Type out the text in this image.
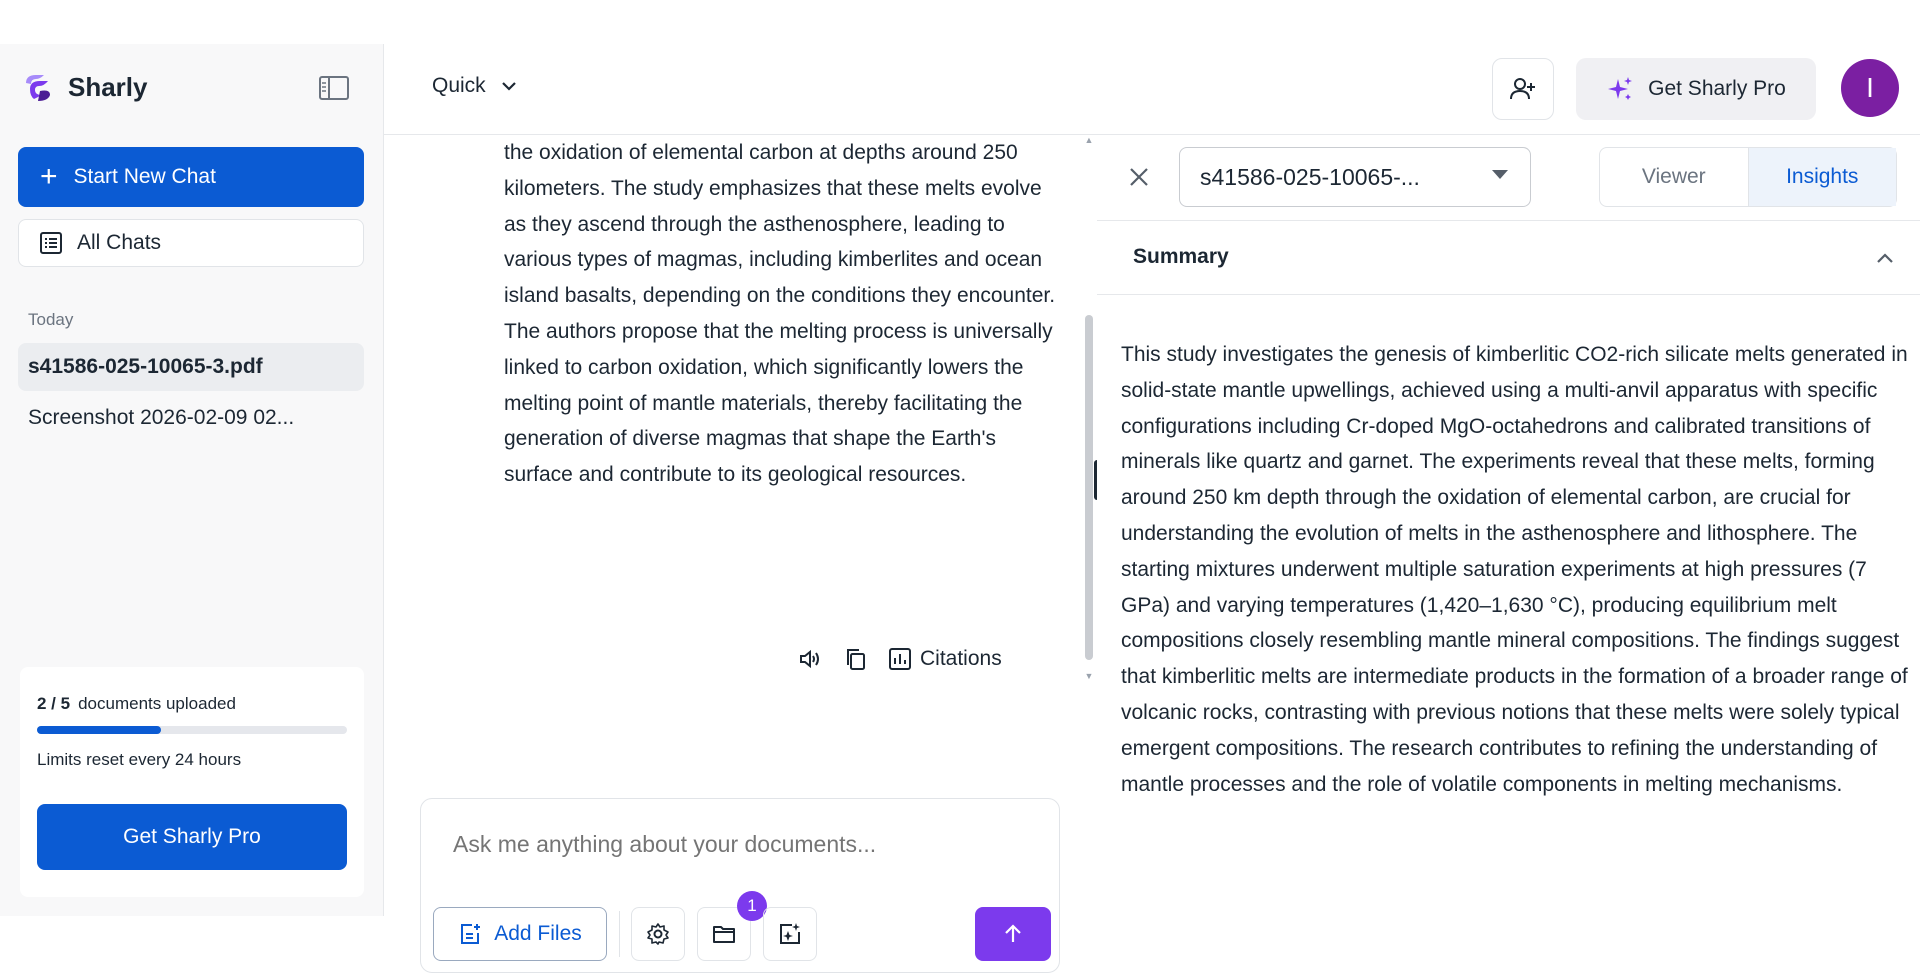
Sharly
+ Start New Chat
All Chats
Today
s41586-025-10065-3.pdf
Screenshot 2026-02-09 02...
2 / 5 documents uploaded
Limits reset every 24 hours
Get Sharly Pro
Quick	Get Sharly Pro	I
the oxidation of elemental carbon at depths around 250 kilometers. The study emphasizes that these melts evolve as they ascend through the asthenosphere, leading to various types of magmas, including kimberlites and ocean island basalts, depending on the conditions they encounter. The authors propose that the melting process is universally linked to carbon oxidation, which significantly lowers the melting point of mantle materials, thereby facilitating the generation of diverse magmas that shape the Earth's surface and contribute to its geological resources.
Citations
▲
▼
Ask me anything about your documents...
Add Files
1
s41586-025-10065-...	Viewer	Insights
Summary
This study investigates the genesis of kimberlitic CO2-rich silicate melts generated in solid-state mantle upwellings, achieved using a multi-anvil apparatus with specific configurations including Cr-doped MgO-octahedrons and calibrated transitions of minerals like quartz and garnet. The experiments reveal that these melts, forming around 250 km depth through the oxidation of elemental carbon, are crucial for understanding the evolution of melts in the asthenosphere and lithosphere. The starting mixtures underwent multiple saturation experiments at high pressures (7 GPa) and varying temperatures (1,420–1,630 °C), producing equilibrium melt compositions closely resembling mantle mineral compositions. The findings suggest that kimberlitic melts are intermediate products in the formation of a broader range of volcanic rocks, contrasting with previous notions that these melts were solely typical emergent compositions. The research contributes to refining the understanding of mantle processes and the role of volatile components in melting mechanisms.
